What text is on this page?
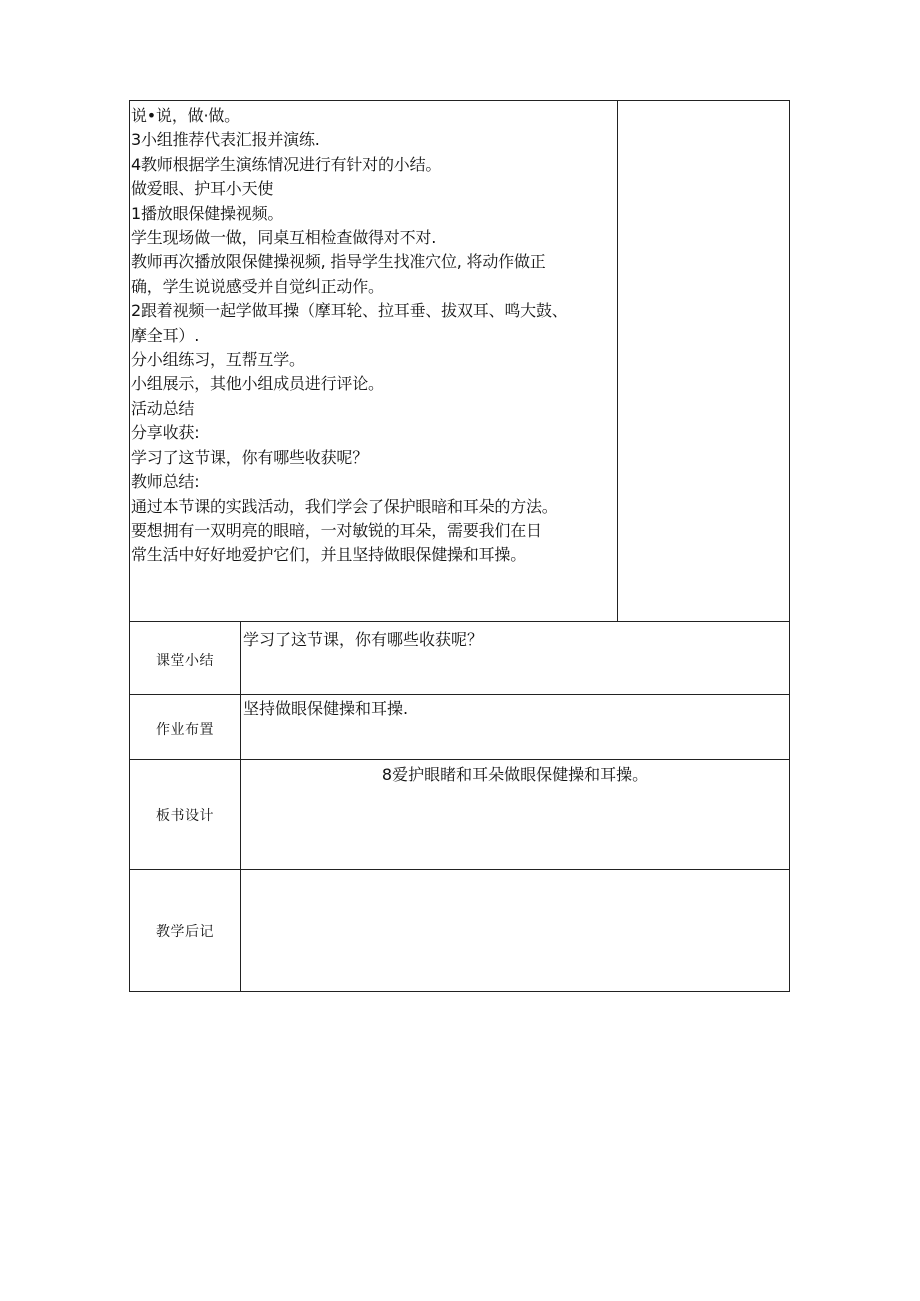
说•说，做·做。
3小组推荐代表汇报并演练.
4教师根据学生演练情况进行有针对的小结。
做爱眼、护耳小天使
1播放眼保健操视频。
学生现场做一做，同桌互相检查做得对不对.
教师再次播放限保健操视频, 指导学生找准穴位, 将动作做正
确，学生说说感受并自觉纠正动作。
2跟着视频一起学做耳操（摩耳轮、拉耳垂、拔双耳、鸣大鼓、
摩全耳）.
分小组练习，互帮互学。
小组展示，其他小组成员进行评论。
活动总结
分享收获:
学习了这节课，你有哪些收获呢？
教师总结:
通过本节课的实践活动，我们学会了保护眼暗和耳朵的方法。
要想拥有一双明亮的眼暗，一对敏锐的耳朵，需要我们在日
常生活中好好地爱护它们，并且坚持做眼保健操和耳操。
课堂小结
学习了这节课，你有哪些收获呢？
作业布置
坚持做眼保健操和耳操.
板书设计
8爱护眼睹和耳朵做眼保健操和耳操。
教学后记
